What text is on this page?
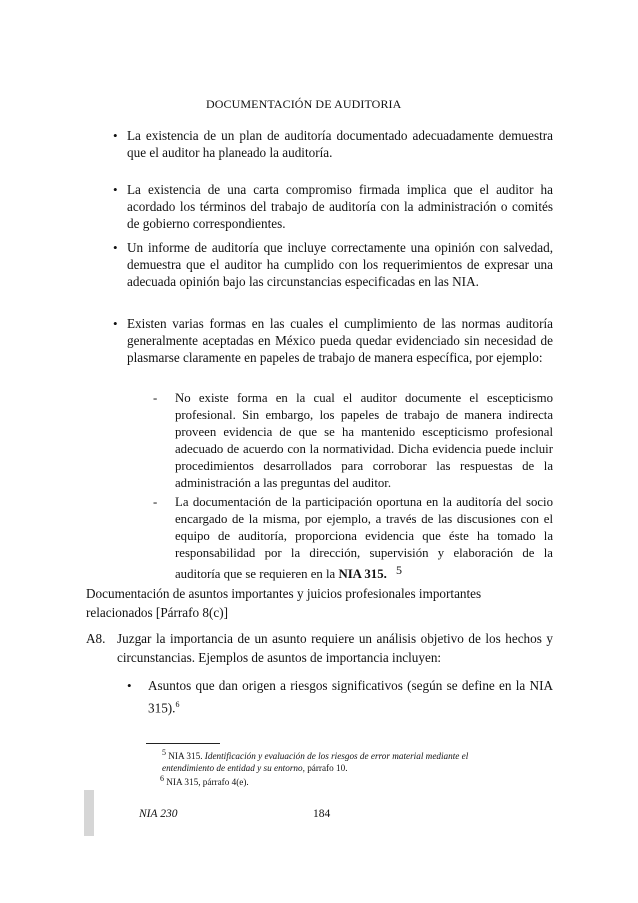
DOCUMENTACIÓN DE AUDITORIA
• La existencia de un plan de auditoría documentado adecuadamente demuestra que el auditor ha planeado la auditoría.
• La existencia de una carta compromiso firmada implica que el auditor ha acordado los términos del trabajo de auditoría con la administración o comités de gobierno correspondientes.
• Un informe de auditoría que incluye correctamente una opinión con salvedad, demuestra que el auditor ha cumplido con los requerimientos de expresar una adecuada opinión bajo las circunstancias especificadas en las NIA.
• Existen varias formas en las cuales el cumplimiento de las normas auditoría generalmente aceptadas en México pueda quedar evidenciado sin necesidad de plasmarse claramente en papeles de trabajo de manera específica, por ejemplo:
- No existe forma en la cual el auditor documente el escepticismo profesional. Sin embargo, los papeles de trabajo de manera indirecta proveen evidencia de que se ha mantenido escepticismo profesional adecuado de acuerdo con la normatividad. Dicha evidencia puede incluir procedimientos desarrollados para corroborar las respuestas de la administración a las preguntas del auditor.
- La documentación de la participación oportuna en la auditoría del socio encargado de la misma, por ejemplo, a través de las discusiones con el equipo de auditoría, proporciona evidencia que éste ha tomado la responsabilidad por la dirección, supervisión y elaboración de la auditoría que se requieren en la NIA 315. 5
Documentación de asuntos importantes y juicios profesionales importantes relacionados [Párrafo 8(c)]
A8. Juzgar la importancia de un asunto requiere un análisis objetivo de los hechos y circunstancias. Ejemplos de asuntos de importancia incluyen:
• Asuntos que dan origen a riesgos significativos (según se define en la NIA 315).$^6$
$^5$ NIA 315. Identificación y evaluación de los riesgos de error material mediante el entendimiento de entidad y su entorno, párrafo 10.
$^6$ NIA 315, párrafo 4(e).
NIA 230	184
